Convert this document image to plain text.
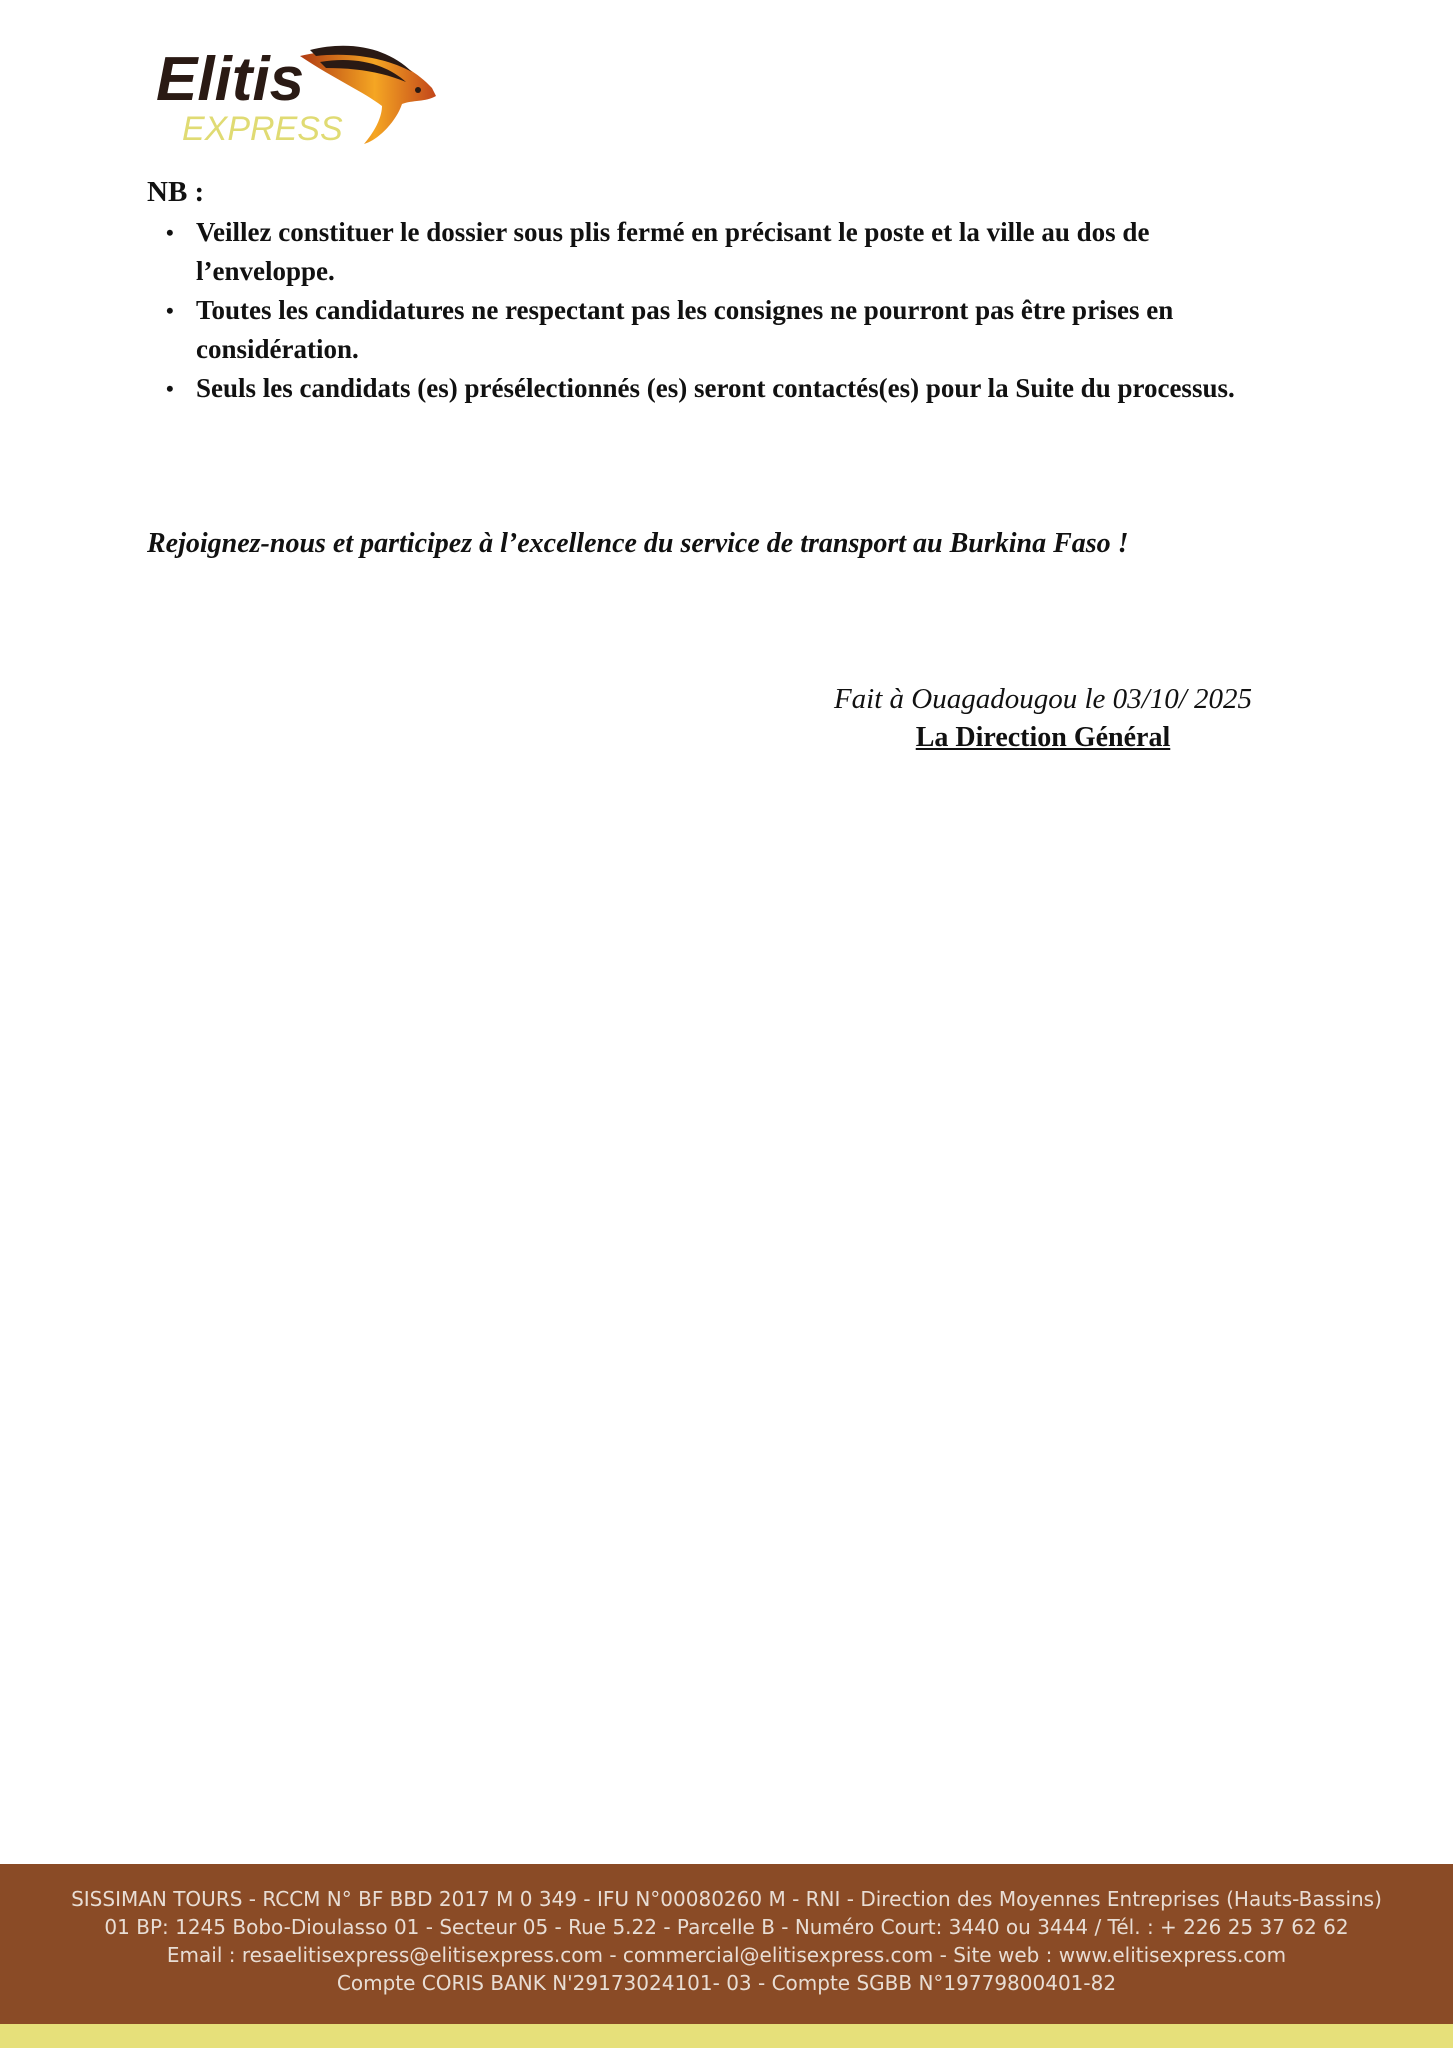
Elitis
EXPRESS

NB :

• Veillez constituer le dossier sous plis fermé en précisant le poste et la ville au dos de l’enveloppe.
• Toutes les candidatures ne respectant pas les consignes ne pourront pas être prises en considération.
• Seuls les candidats (es) présélectionnés (es) seront contactés(es) pour la Suite du processus.

Rejoignez-nous et participez à l’excellence du service de transport au Burkina Faso !

Fait à Ouagadougou le 03/10/ 2025
La Direction Général
SISSIMAN TOURS - RCCM N° BF BBD 2017 M 0 349 - IFU N°00080260 M - RNI - Direction des Moyennes Entreprises (Hauts-Bassins)
01 BP: 1245 Bobo-Dioulasso 01 - Secteur 05 - Rue 5.22 - Parcelle B - Numéro Court: 3440 ou 3444 / Tél. : + 226 25 37 62 62
Email : resaelitisexpress@elitisexpress.com - commercial@elitisexpress.com - Site web : www.elitisexpress.com
Compte CORIS BANK N'29173024101- 03 - Compte SGBB N°19779800401-82
